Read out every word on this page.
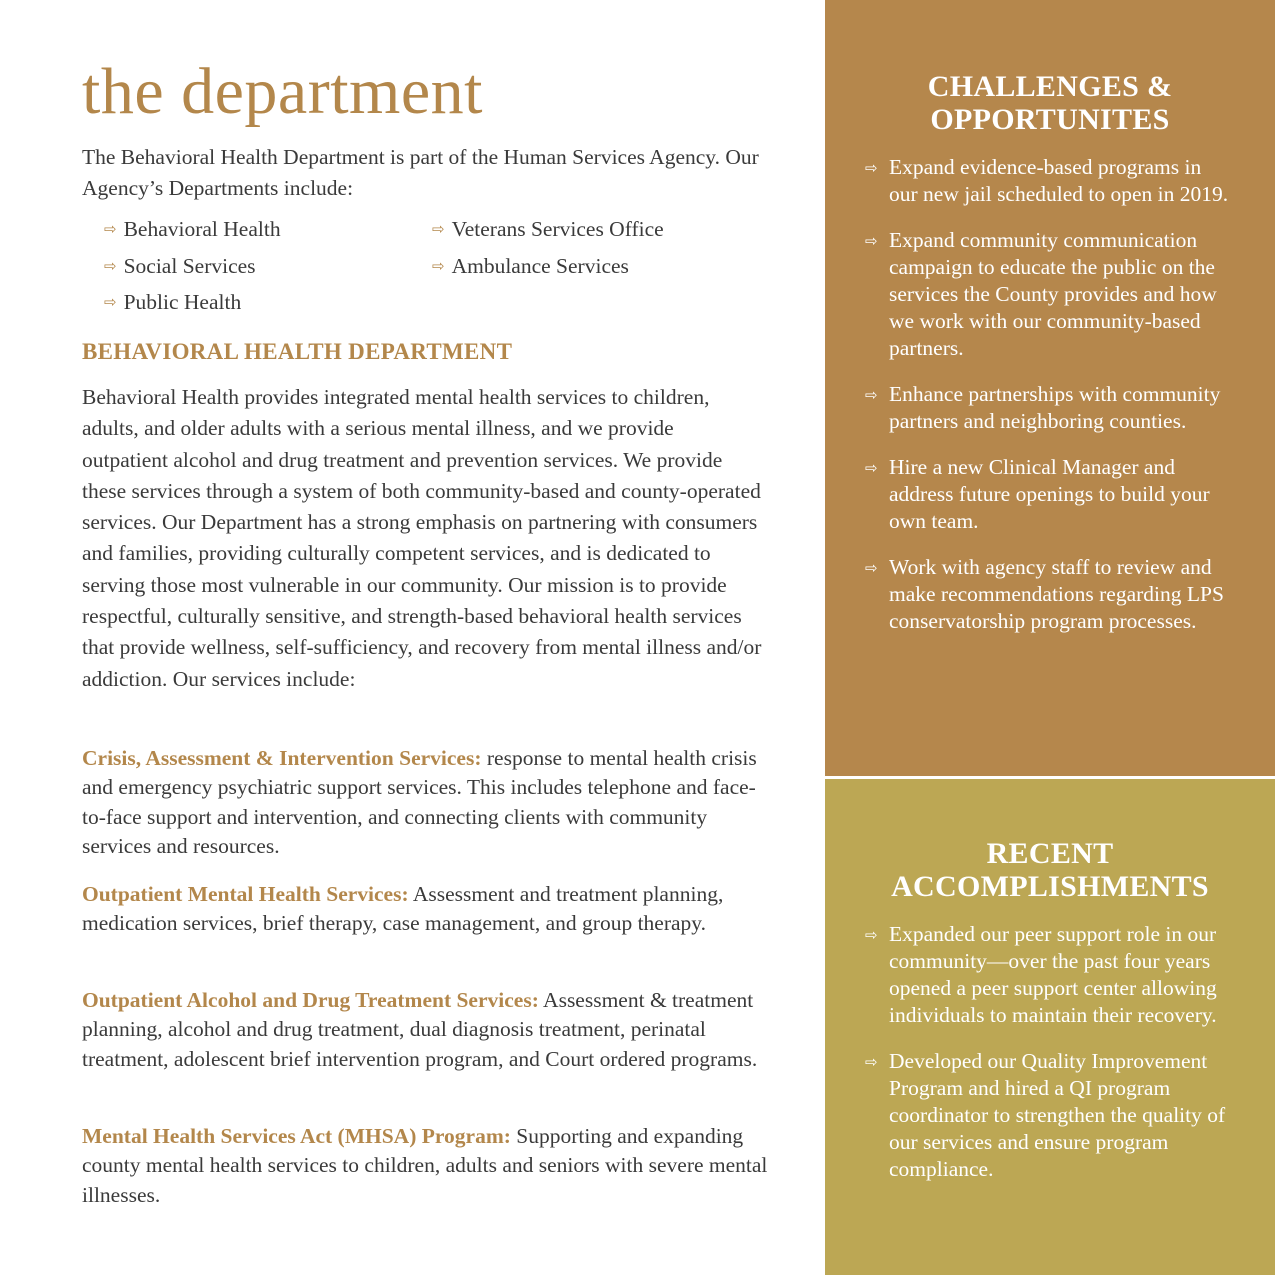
the department

The Behavioral Health Department is part of the Human Services Agency. Our Agency’s Departments include:

⇨ Behavioral Health
⇨ Social Services
⇨ Public Health
⇨ Veterans Services Office
⇨ Ambulance Services
BEHAVIORAL HEALTH DEPARTMENT

Behavioral Health provides integrated mental health services to children, adults, and older adults with a serious mental illness, and we provide outpatient alcohol and drug treatment and prevention services. We provide these services through a system of both community-based and county-operated services. Our Department has a strong emphasis on partnering with consumers and families, providing culturally competent services, and is dedicated to serving those most vulnerable in our community. Our mission is to provide respectful, culturally sensitive, and strength-based behavioral health services that provide wellness, self-sufficiency, and recovery from mental illness and/or addiction. Our services include:

Crisis, Assessment & Intervention Services: response to mental health crisis and emergency psychiatric support services. This includes telephone and face-to-face support and intervention, and connecting clients with community services and resources.

Outpatient Mental Health Services: Assessment and treatment planning, medication services, brief therapy, case management, and group therapy.

Outpatient Alcohol and Drug Treatment Services: Assessment & treatment planning, alcohol and drug treatment, dual diagnosis treatment, perinatal treatment, adolescent brief intervention program, and Court ordered programs.

Mental Health Services Act (MHSA) Program: Supporting and expanding county mental health services to children, adults and seniors with severe mental illnesses.

CHALLENGES &
OPPORTUNITES
⇨ Expand evidence-based programs in our new jail scheduled to open in 2019.
⇨ Expand community communication campaign to educate the public on the services the County provides and how we work with our community-based partners.
⇨ Enhance partnerships with community partners and neighboring counties.
⇨ Hire a new Clinical Manager and address future openings to build your own team.
⇨ Work with agency staff to review and make recommendations regarding LPS conservatorship program processes.
RECENT
ACCOMPLISHMENTS
⇨ Expanded our peer support role in our community—over the past four years opened a peer support center allowing individuals to maintain their recovery.
⇨ Developed our Quality Improvement Program and hired a QI program coordinator to strengthen the quality of our services and ensure program compliance.
